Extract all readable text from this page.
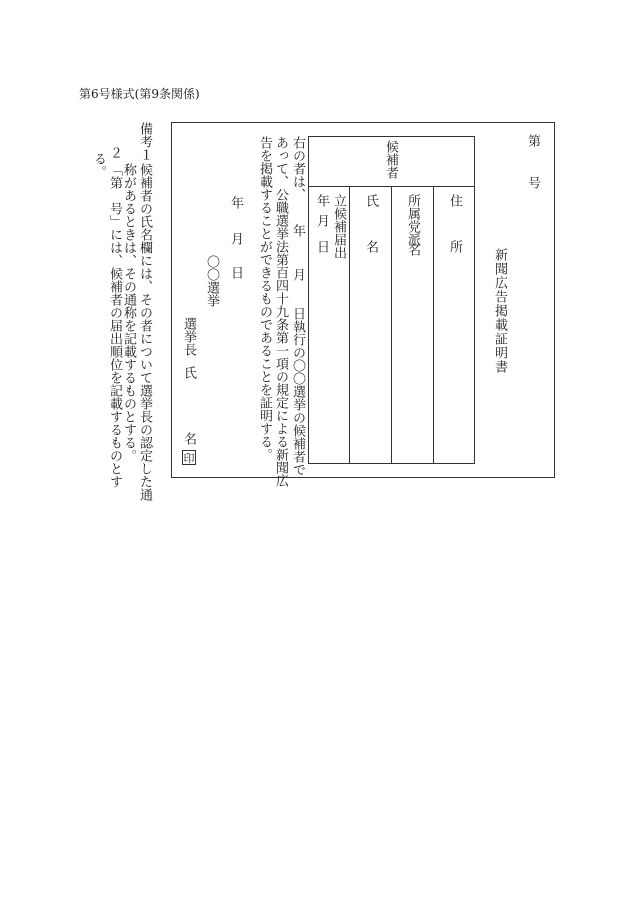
第6号様式(第9条関係)
備考１
候補者の氏名欄には、その者について選挙長の認定した通
称があるときは、その通称を記載するものとする。
２
「第　号」には、候補者の届出順位を記載するものとす
る。
第
号
新聞広告掲載証明書
候補者
住
所
所属党派
名
氏
名
立候補届出
年
月
日
右の者は、
年
月
日執行の〇〇選挙の候補者で
あって、公職選挙法第百四十九条第一項の規定による新聞広
告を掲載することができるものであることを証明する。
年
月
日
〇〇選挙
選挙長
氏
名
印
